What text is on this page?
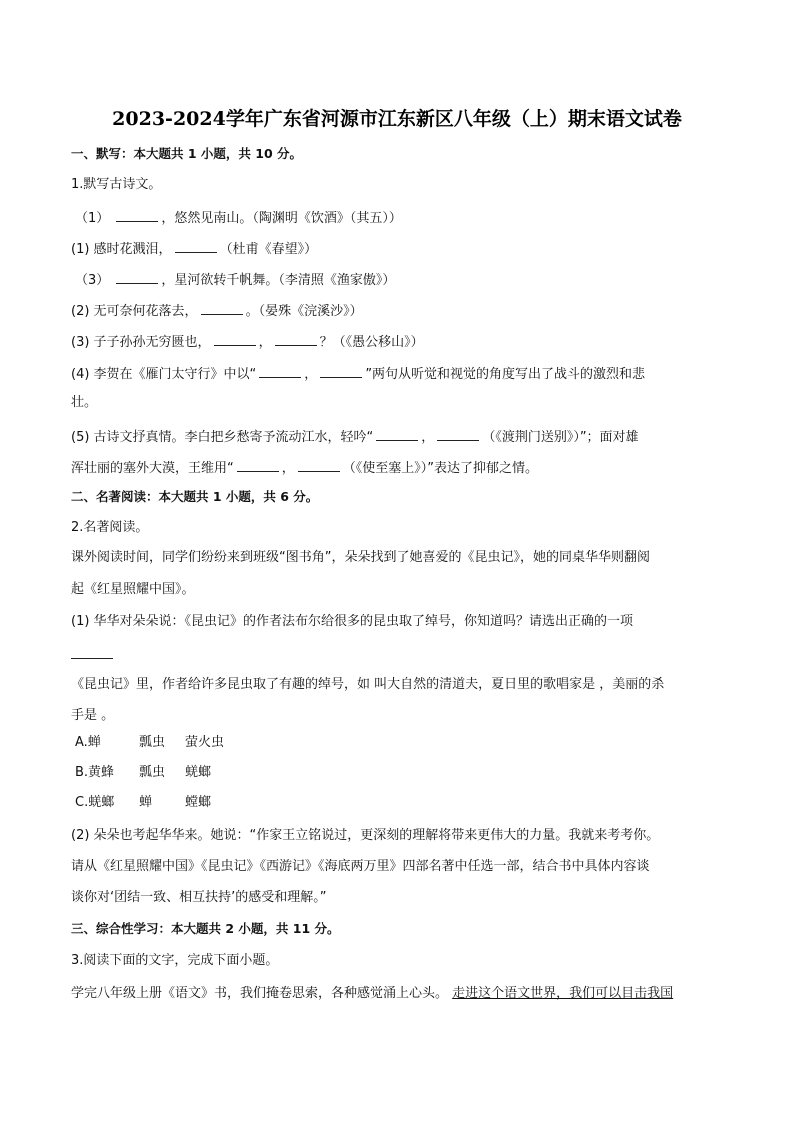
2023-2024学年广东省河源市江东新区八年级（上）期末语文试卷
一、默写：本大题共 1 小题，共 10 分。
1.默写古诗文。
（1）	，悠然见南山。（陶渊明《饮酒》（其五））
(1) 感时花溅泪，	（杜甫《春望》）
（3）	，星河欲转千帆舞。（李清照《渔家傲》）
(2) 无可奈何花落去，	。（晏殊《浣溪沙》）
(3) 子子孙孙无穷匮也，	，	？（《愚公移山》）
(4) 李贺在《雁门太守行》中以“	，	”两句从听觉和视觉的角度写出了战斗的激烈和悲
壮。
(5) 古诗文抒真情。李白把乡愁寄予流动江水，轻吟“	，	（《渡荆门送别》）”；面对雄
浑壮丽的塞外大漠，王维用“	，	（《使至塞上》）”表达了抑郁之情。
二、名著阅读：本大题共 1 小题，共 6 分。
2.名著阅读。
课外阅读时间，同学们纷纷来到班级“图书角”，朵朵找到了她喜爱的《昆虫记》，她的同桌华华则翻阅
起《红星照耀中国》。
(1) 华华对朵朵说：《昆虫记》的作者法布尔给很多的昆虫取了绰号，你知道吗？请选出正确的一项
《昆虫记》里，作者给许多昆虫取了有趣的绰号，如 叫大自然的清道夫，夏日里的歌唱家是 ，美丽的杀
手是 。
A.蝉	瓢虫 萤火虫
B.黄蜂 瓢虫 蜣螂
C.蜣螂 蝉	螳螂
(2) 朵朵也考起华华来。她说：“作家王立铭说过，更深刻的理解将带来更伟大的力量。我就来考考你。
请从《红星照耀中国》《昆虫记》《西游记》《海底两万里》四部名著中任选一部，结合书中具体内容谈
谈你对‘团结一致、相互扶持’的感受和理解。”
三、综合性学习：本大题共 2 小题，共 11 分。
3.阅读下面的文字，完成下面小题。
学完八年级上册《语文》书，我们掩卷思索，各种感觉涌上心头。 走进这个语文世界，我们可以目击我国
